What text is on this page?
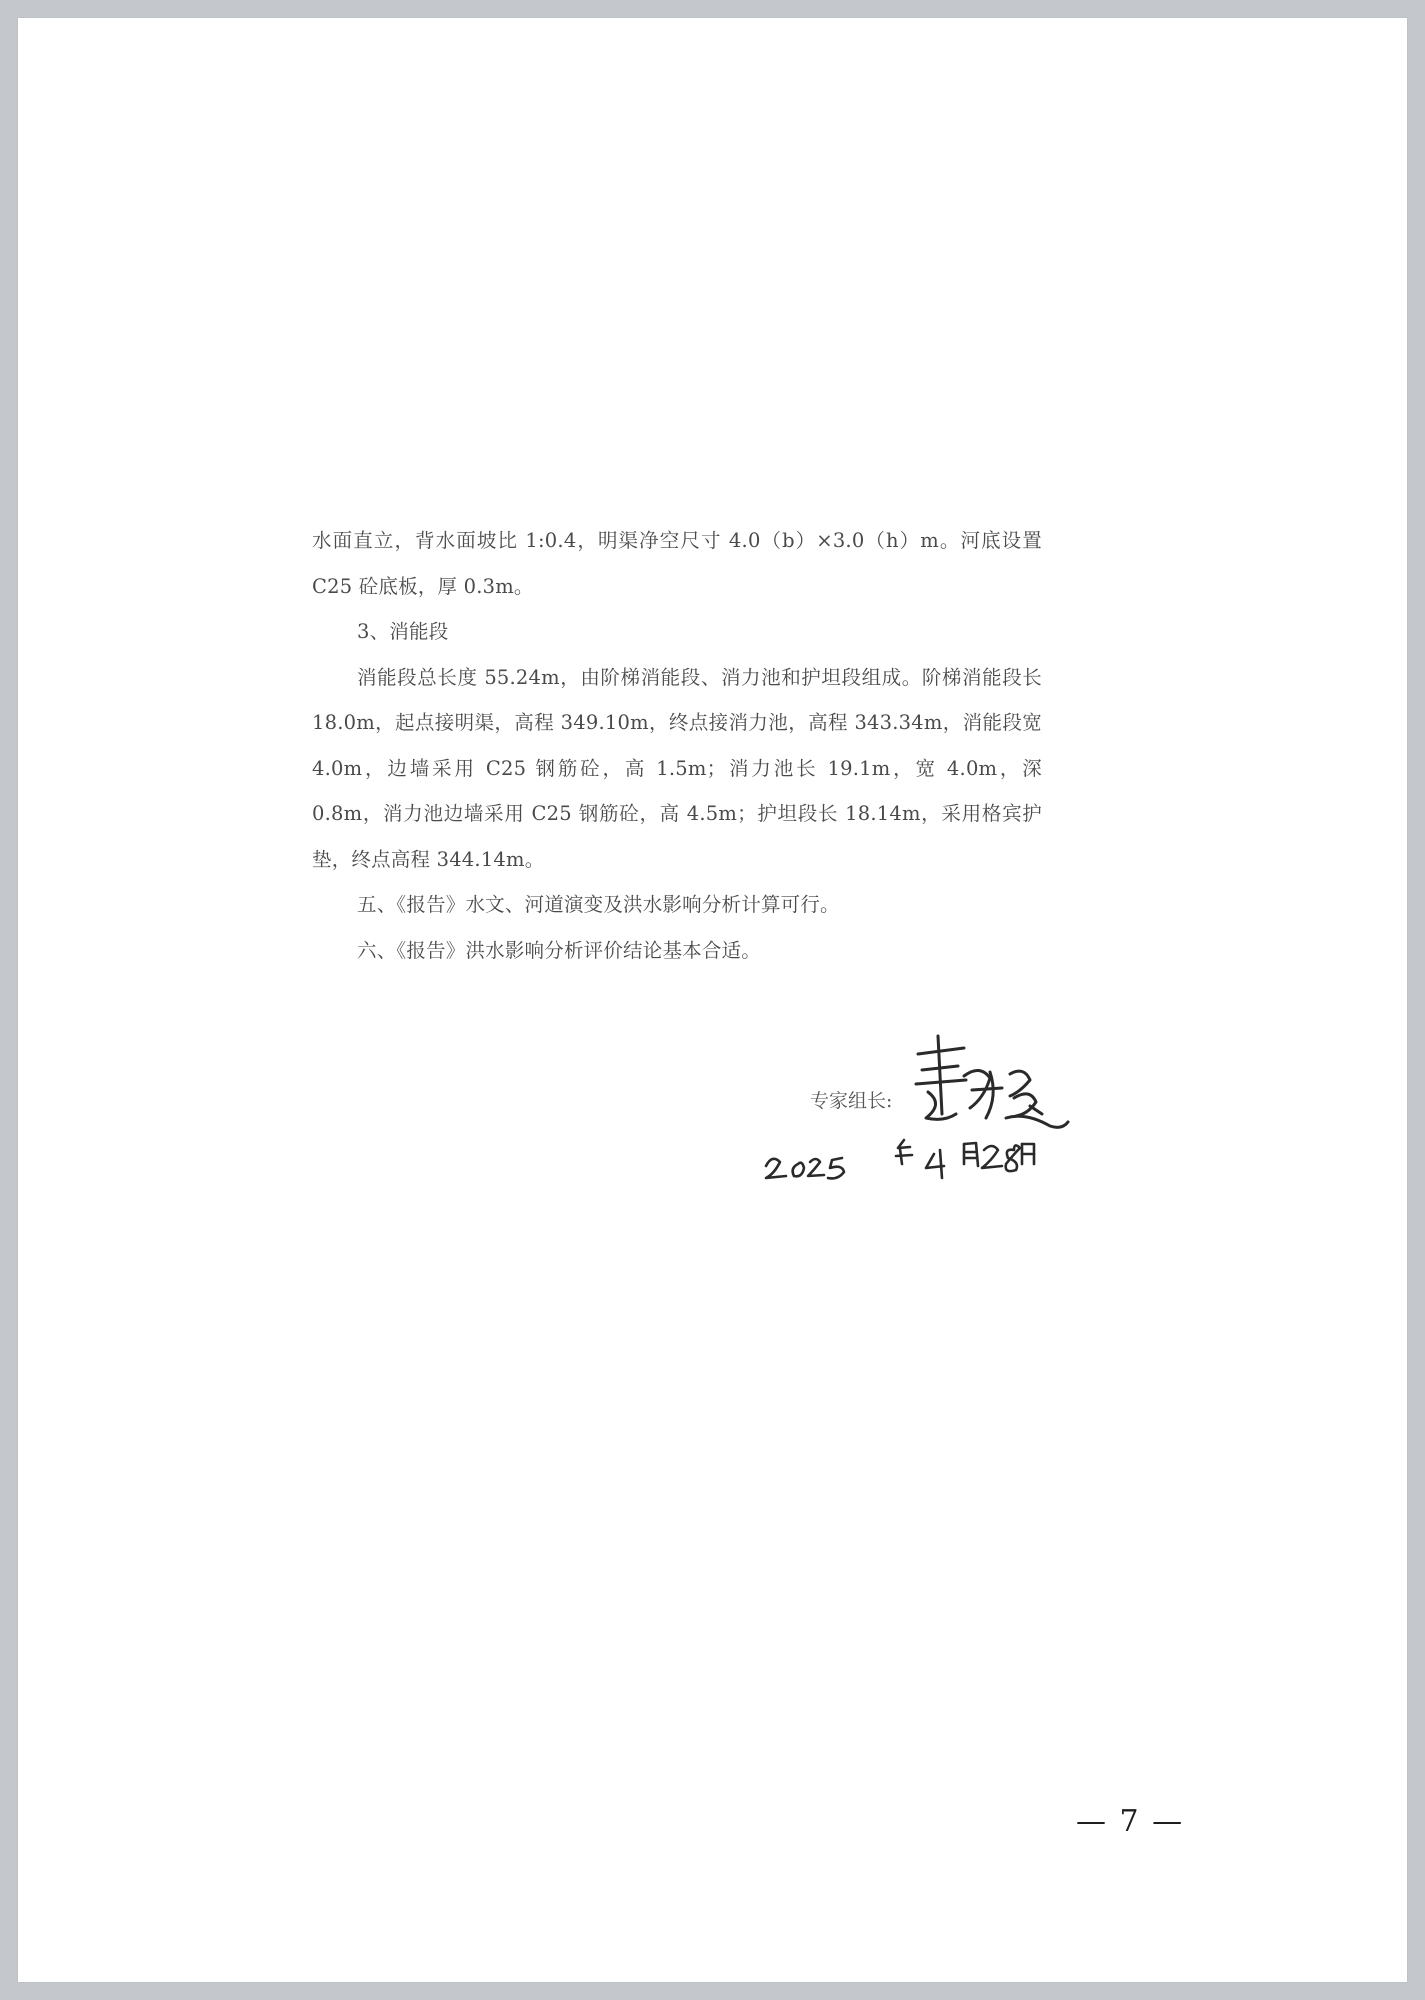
水面直立，背水面坡比 1:0.4，明渠净空尺寸 4.0（b）×3.0（h）m。河底设置 C25 砼底板，厚 0.3m。

3、消能段

消能段总长度 55.24m，由阶梯消能段、消力池和护坦段组成。阶梯消能段长 18.0m，起点接明渠，高程 349.10m，终点接消力池，高程 343.34m，消能段宽 4.0m，边墙采用 C25 钢筋砼，高 1.5m；消力池长 19.1m，宽 4.0m，深 0.8m，消力池边墙采用 C25 钢筋砼，高 4.5m；护坦段长 18.14m，采用格宾护垫，终点高程 344.14m。

五、《报告》水文、河道演变及洪水影响分析计算可行。

六、《报告》洪水影响分析评价结论基本合适。

专家组长:
— 7 —
